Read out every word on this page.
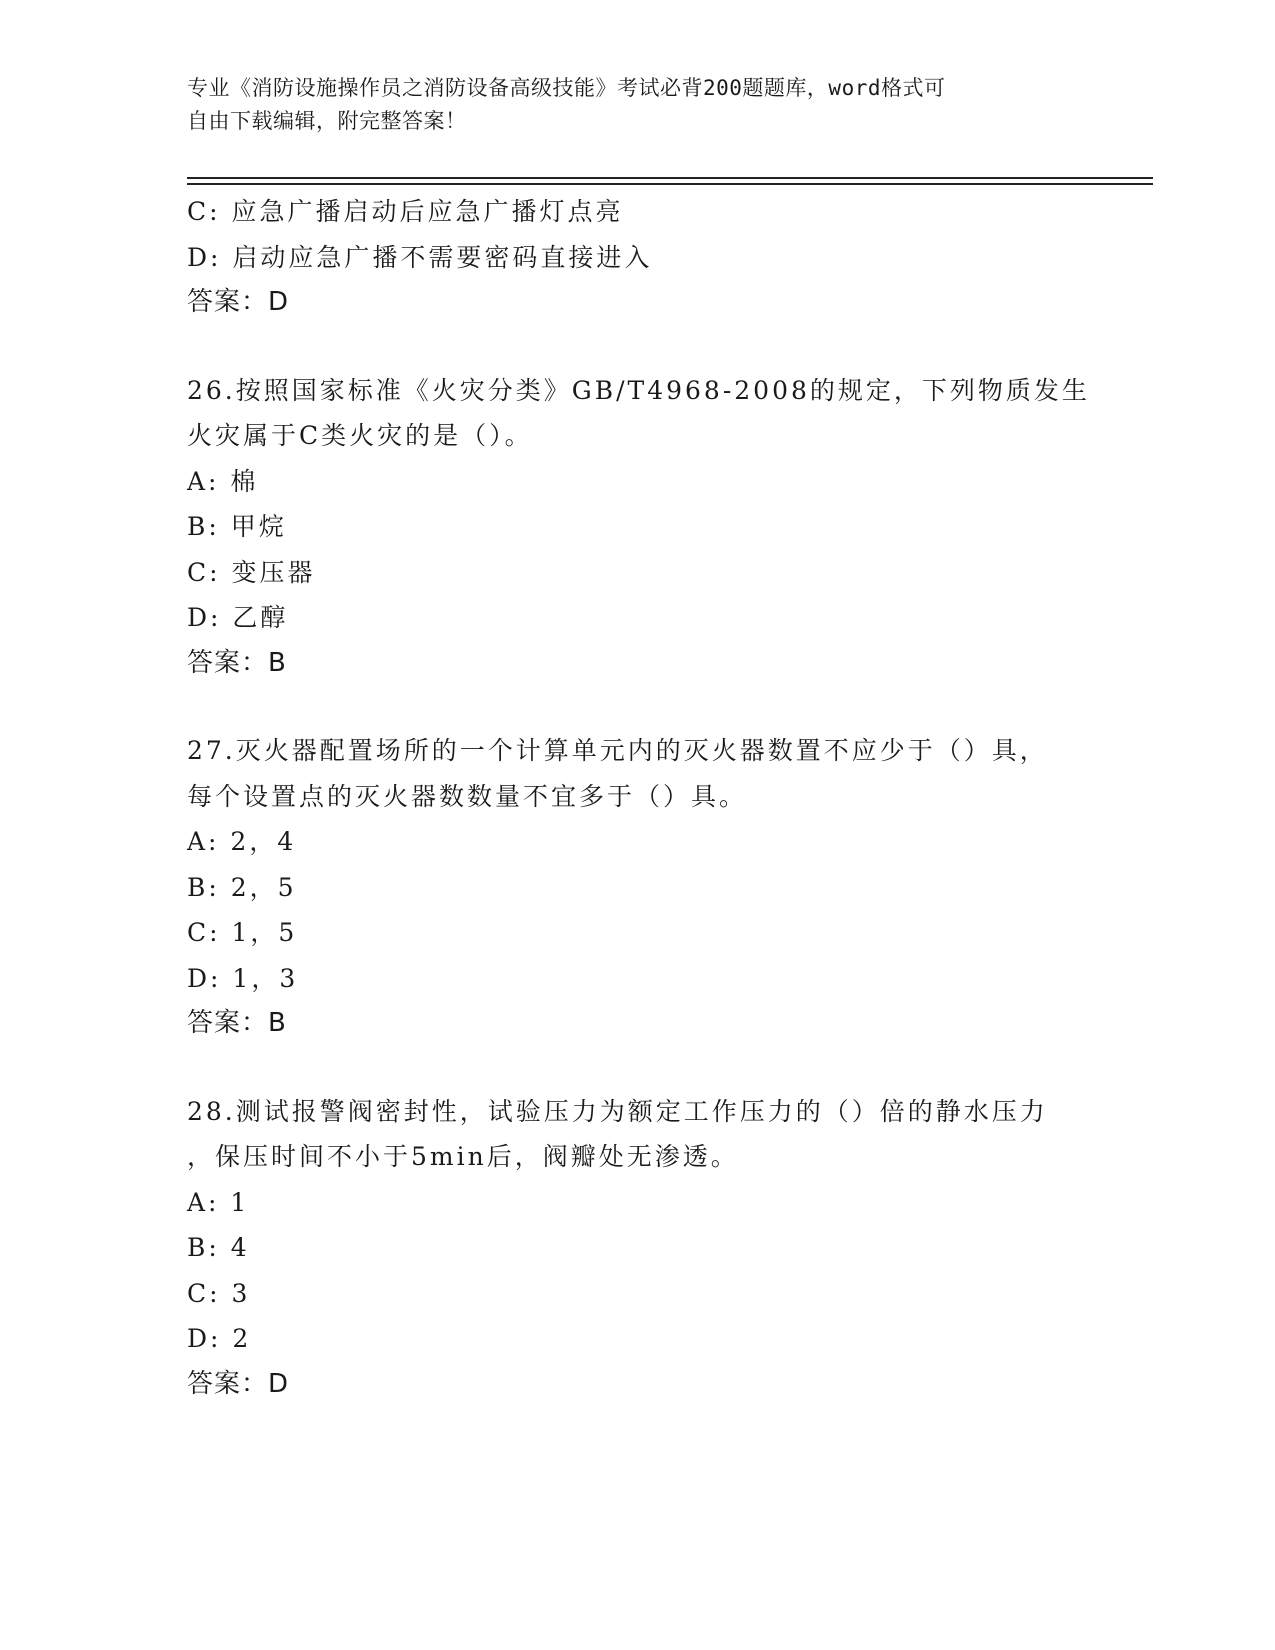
专业《消防设施操作员之消防设备高级技能》考试必背200题题库，word格式可
自由下载编辑，附完整答案！
C: 应急广播启动后应急广播灯点亮
D: 启动应急广播不需要密码直接进入
答案：D
26.按照国家标准《火灾分类》GB/T4968-2008的规定，下列物质发生
火灾属于C类火灾的是（）。
A: 棉
B: 甲烷
C: 变压器
D: 乙醇
答案：B
27.灭火器配置场所的一个计算单元内的灭火器数置不应少于（）具，
每个设置点的灭火器数数量不宜多于（）具。
A: 2，4
B: 2，5
C: 1，5
D: 1，3
答案：B
28.测试报警阀密封性，试验压力为额定工作压力的（）倍的静水压力
，保压时间不小于5min后，阀瓣处无渗透。
A: 1
B: 4
C: 3
D: 2
答案：D
